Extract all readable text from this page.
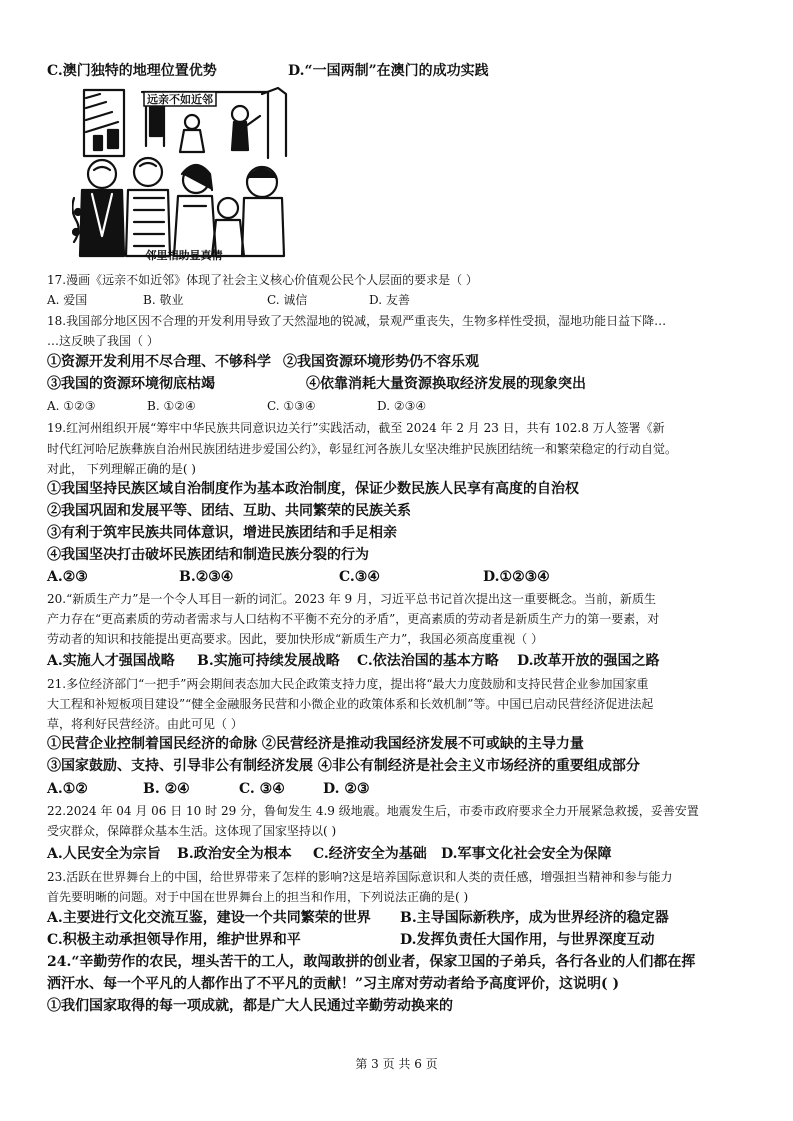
C.澳门独特的地理位置优势	D.“一国两制”在澳门的成功实践
远亲不如近邻
邻里相助显真情
17.漫画《远亲不如近邻》体现了社会主义核心价值观公民个人层面的要求是（ ）
A. 爱国	B. 敬业	C. 诚信	D. 友善
18.我国部分地区因不合理的开发利用导致了天然湿地的锐减，景观严重丧失，生物多样性受损，湿地功能日益下降…
…这反映了我国（ ）
①资源开发利用不尽合理、不够科学 ②我国资源环境形势仍不容乐观
③我国的资源环境彻底枯竭	④依靠消耗大量资源换取经济发展的现象突出
A. ①②③	B. ①②④	C. ①③④	D. ②③④
19.红河州组织开展“筹牢中华民族共同意识边关行”实践活动，截至 2024 年 2 月 23 日，共有 102.8 万人签署《新
时代红河哈尼族彝族自治州民族团结进步爱国公约》，彰显红河各族儿女坚决维护民族团结统一和繁荣稳定的行动自觉。
对此， 下列理解正确的是( )
①我国坚持民族区域自治制度作为基本政治制度，保证少数民族人民享有高度的自治权
②我国巩固和发展平等、团结、互助、共同繁荣的民族关系
③有利于筑牢民族共同体意识，增进民族团结和手足相亲
④我国坚决打击破坏民族团结和制造民族分裂的行为
A.②③	B.②③④	C.③④	D.①②③④
20.“新质生产力”是一个令人耳目一新的词汇。2023 年 9 月，习近平总书记首次提出这一重要概念。当前，新质生
产力存在“更高素质的劳动者需求与人口结构不平衡不充分的矛盾”，更高素质的劳动者是新质生产力的第一要素，对
劳动者的知识和技能提出更高要求。因此，要加快形成“新质生产力”，我国必须高度重视（ ）
A.实施人才强国战略 B.实施可持续发展战略 C.依法治国的基本方略 D.改革开放的强国之路
21.多位经济部门“一把手”两会期间表态加大民企政策支持力度，提出将“最大力度鼓励和支持民营企业参加国家重
大工程和补短板项目建设”“健全金融服务民营和小微企业的政策体系和长效机制”等。中国已启动民营经济促进法起
草，将利好民营经济。由此可见（ ）
①民营企业控制着国民经济的命脉 ②民营经济是推动我国经济发展不可或缺的主导力量
③国家鼓励、支持、引导非公有制经济发展 ④非公有制经济是社会主义市场经济的重要组成部分
A.①②	B. ②④	C. ③④	D. ②③
22.2024 年 04 月 06 日 10 时 29 分，鲁甸发生 4.9 级地震。地震发生后，市委市政府要求全力开展紧急救援，妥善安置
受灾群众，保障群众基本生活。这体现了国家坚持以( )
A.人民安全为宗旨 B.政治安全为根本 C.经济安全为基础 D.军事文化社会安全为保障
23.活跃在世界舞台上的中国，给世界带来了怎样的影响?这是培养国际意识和人类的责任感，增强担当精神和参与能力
首先要明晰的问题。对于中国在世界舞台上的担当和作用，下列说法正确的是( )
A.主要进行文化交流互鉴，建设一个共同繁荣的世界 B.主导国际新秩序，成为世界经济的稳定器
C.积极主动承担领导作用，维护世界和平	D.发挥负责任大国作用，与世界深度互动
24.“辛勤劳作的农民，埋头苦干的工人，敢闯敢拼的创业者，保家卫国的子弟兵，各行各业的人们都在挥
洒汗水、每一个平凡的人都作出了不平凡的贡献！”习主席对劳动者给予高度评价，这说明( )
①我们国家取得的每一项成就，都是广大人民通过辛勤劳动换来的
第 3 页 共 6 页
